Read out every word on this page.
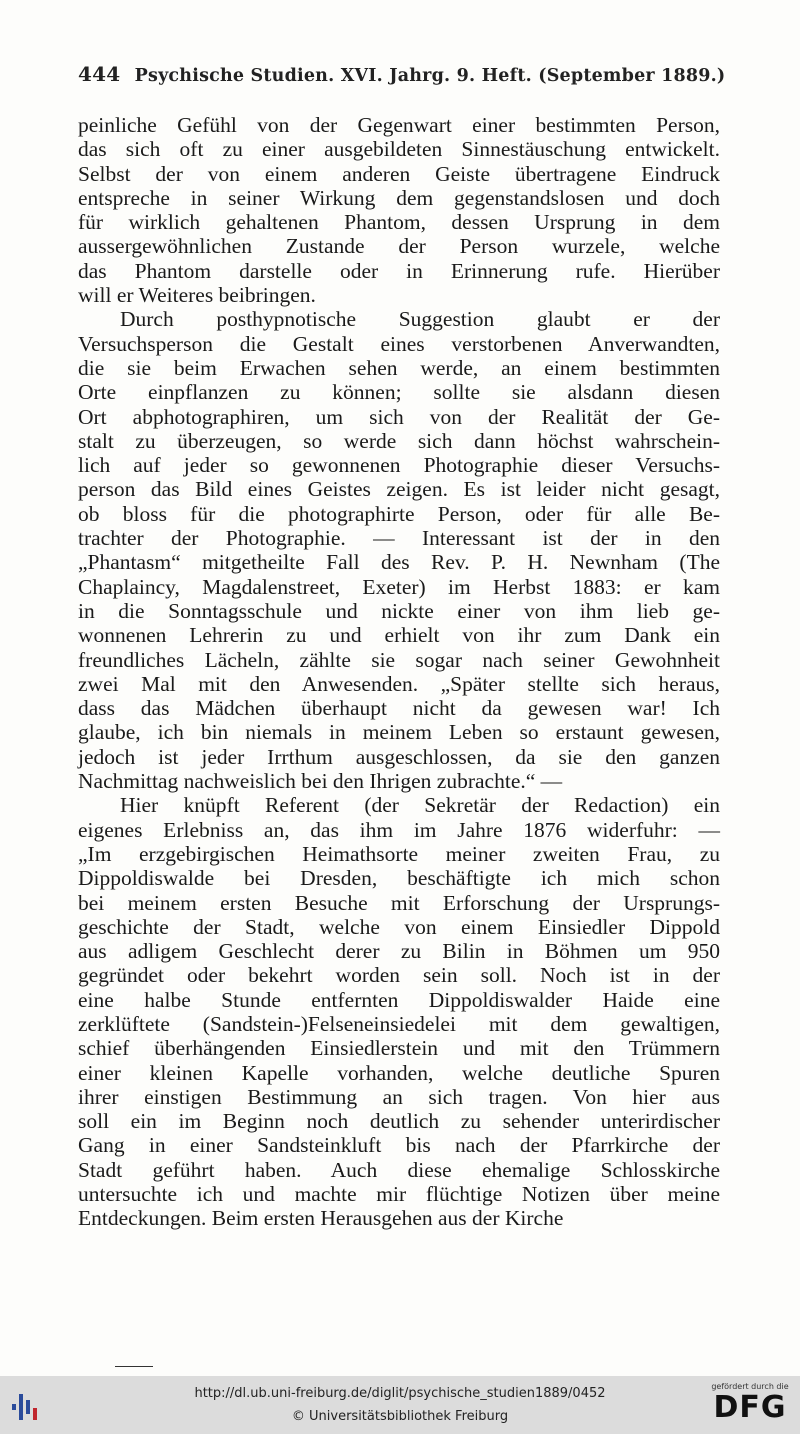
444 Psychische Studien. XVI. Jahrg. 9. Heft. (September 1889.)
peinliche Gefühl von der Gegenwart einer bestimmten Person,
das sich oft zu einer ausgebildeten Sinnestäuschung entwickelt.
Selbst der von einem anderen Geiste übertragene Eindruck
entspreche in seiner Wirkung dem gegenstandslosen und doch
für wirklich gehaltenen Phantom, dessen Ursprung in dem
aussergewöhnlichen Zustande der Person wurzele, welche
das Phantom darstelle oder in Erinnerung rufe. Hierüber
will er Weiteres beibringen.
Durch posthypnotische Suggestion glaubt er der
Versuchsperson die Gestalt eines verstorbenen Anverwandten,
die sie beim Erwachen sehen werde, an einem bestimmten
Orte einpflanzen zu können; sollte sie alsdann diesen
Ort abphotographiren, um sich von der Realität der Ge-
stalt zu überzeugen, so werde sich dann höchst wahrschein-
lich auf jeder so gewonnenen Photographie dieser Versuchs-
person das Bild eines Geistes zeigen. Es ist leider nicht gesagt,
ob bloss für die photographirte Person, oder für alle Be-
trachter der Photographie. — Interessant ist der in den
„Phantasm“ mitgetheilte Fall des Rev. P. H. Newnham (The
Chaplaincy, Magdalenstreet, Exeter) im Herbst 1883: er kam
in die Sonntagsschule und nickte einer von ihm lieb ge-
wonnenen Lehrerin zu und erhielt von ihr zum Dank ein
freundliches Lächeln, zählte sie sogar nach seiner Gewohnheit
zwei Mal mit den Anwesenden. „Später stellte sich heraus,
dass das Mädchen überhaupt nicht da gewesen war! Ich
glaube, ich bin niemals in meinem Leben so erstaunt gewesen,
jedoch ist jeder Irrthum ausgeschlossen, da sie den ganzen
Nachmittag nachweislich bei den Ihrigen zubrachte.“ —
Hier knüpft Referent (der Sekretär der Redaction) ein
eigenes Erlebniss an, das ihm im Jahre 1876 widerfuhr: —
„Im erzgebirgischen Heimathsorte meiner zweiten Frau, zu
Dippoldiswalde bei Dresden, beschäftigte ich mich schon
bei meinem ersten Besuche mit Erforschung der Ursprungs-
geschichte der Stadt, welche von einem Einsiedler Dippold
aus adligem Geschlecht derer zu Bilin in Böhmen um 950
gegründet oder bekehrt worden sein soll. Noch ist in der
eine halbe Stunde entfernten Dippoldiswalder Haide eine
zerklüftete (Sandstein-)Felseneinsiedelei mit dem gewaltigen,
schief überhängenden Einsiedlerstein und mit den Trümmern
einer kleinen Kapelle vorhanden, welche deutliche Spuren
ihrer einstigen Bestimmung an sich tragen. Von hier aus
soll ein im Beginn noch deutlich zu sehender unterirdischer
Gang in einer Sandsteinkluft bis nach der Pfarrkirche der
Stadt geführt haben. Auch diese ehemalige Schlosskirche
untersuchte ich und machte mir flüchtige Notizen über meine
Entdeckungen. Beim ersten Herausgehen aus der Kirche
http://dl.ub.uni-freiburg.de/diglit/psychische_studien1889/0452
© Universitätsbibliothek Freiburg
gefördert durch die
DFG
